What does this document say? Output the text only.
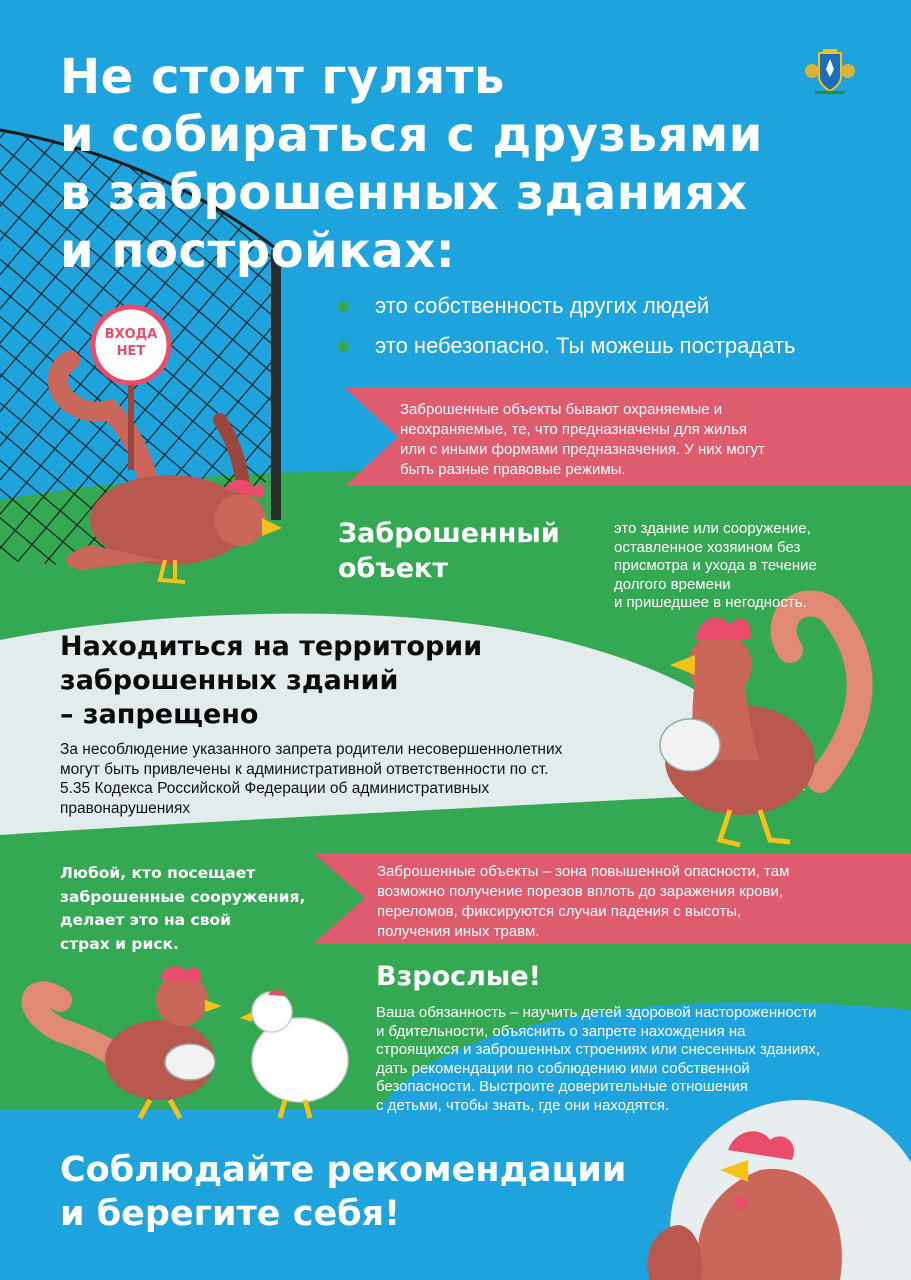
Не стоит гулять
и собираться с друзьями
в заброшенных зданиях
и постройках:
это собственность других людей
это небезопасно. Ты можешь пострадать
ВХОДА
НЕТ
Заброшенные объекты бывают охраняемые и
неохраняемые, те, что предназначены для жилья
или с иными формами предназначения. У них могут
быть разные правовые режимы.
Заброшенный
объект
это здание или сооружение,
оставленное хозяином без
присмотра и ухода в течение
долгого времени
и пришедшее в негодность.
Находиться на территории
заброшенных зданий
– запрещено
За несоблюдение указанного запрета родители несовершеннолетних
могут быть привлечены к административной ответственности по ст.
5.35 Кодекса Российской Федерации об административных
правонарушениях
Любой, кто посещает
заброшенные сооружения,
делает это на свой
страх и риск.
Заброшенные объекты – зона повышенной опасности, там
возможно получение порезов вплоть до заражения крови,
переломов, фиксируются случаи падения с высоты,
получения иных травм.
Взрослые!
Ваша обязанность – научить детей здоровой настороженности
и бдительности, объяснить о запрете нахождения на
строящихся и заброшенных строениях или снесенных зданиях,
дать рекомендации по соблюдению ими собственной
безопасности. Выстроите доверительные отношения
с детьми, чтобы знать, где они находятся.
Соблюдайте рекомендации
и берегите себя!
